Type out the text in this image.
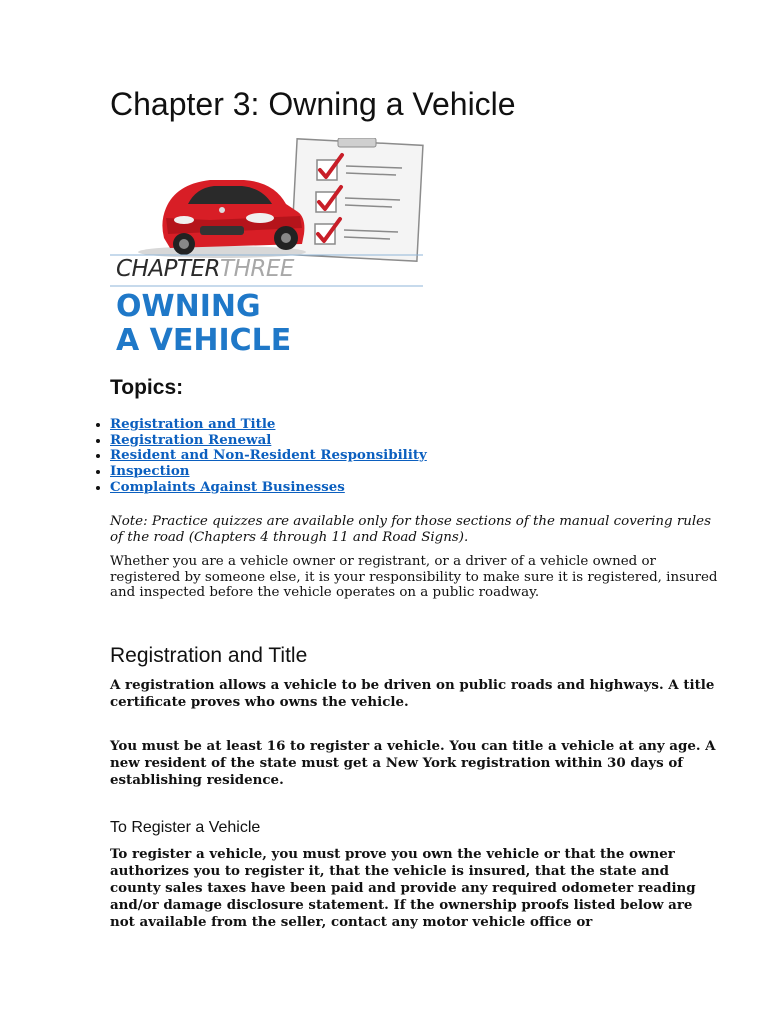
Chapter 3: Owning a Vehicle
CHAPTERTHREE
OWNING
A VEHICLE
Topics:
• Registration and Title
• Registration Renewal
• Resident and Non-Resident Responsibility
• Inspection
• Complaints Against Businesses

Note: Practice quizzes are available only for those sections of the manual covering rules of the road (Chapters 4 through 11 and Road Signs).

Whether you are a vehicle owner or registrant, or a driver of a vehicle owned or registered by someone else, it is your responsibility to make sure it is registered, insured and inspected before the vehicle operates on a public roadway.

Registration and Title

A registration allows a vehicle to be driven on public roads and highways. A title certificate proves who owns the vehicle.

You must be at least 16 to register a vehicle. You can title a vehicle at any age. A new resident of the state must get a New York registration within 30 days of establishing residence.

To Register a Vehicle

To register a vehicle, you must prove you own the vehicle or that the owner authorizes you to register it, that the vehicle is insured, that the state and county sales taxes have been paid and provide any required odometer reading and/or damage disclosure statement. If the ownership proofs listed below are not available from the seller, contact any motor vehicle office or
